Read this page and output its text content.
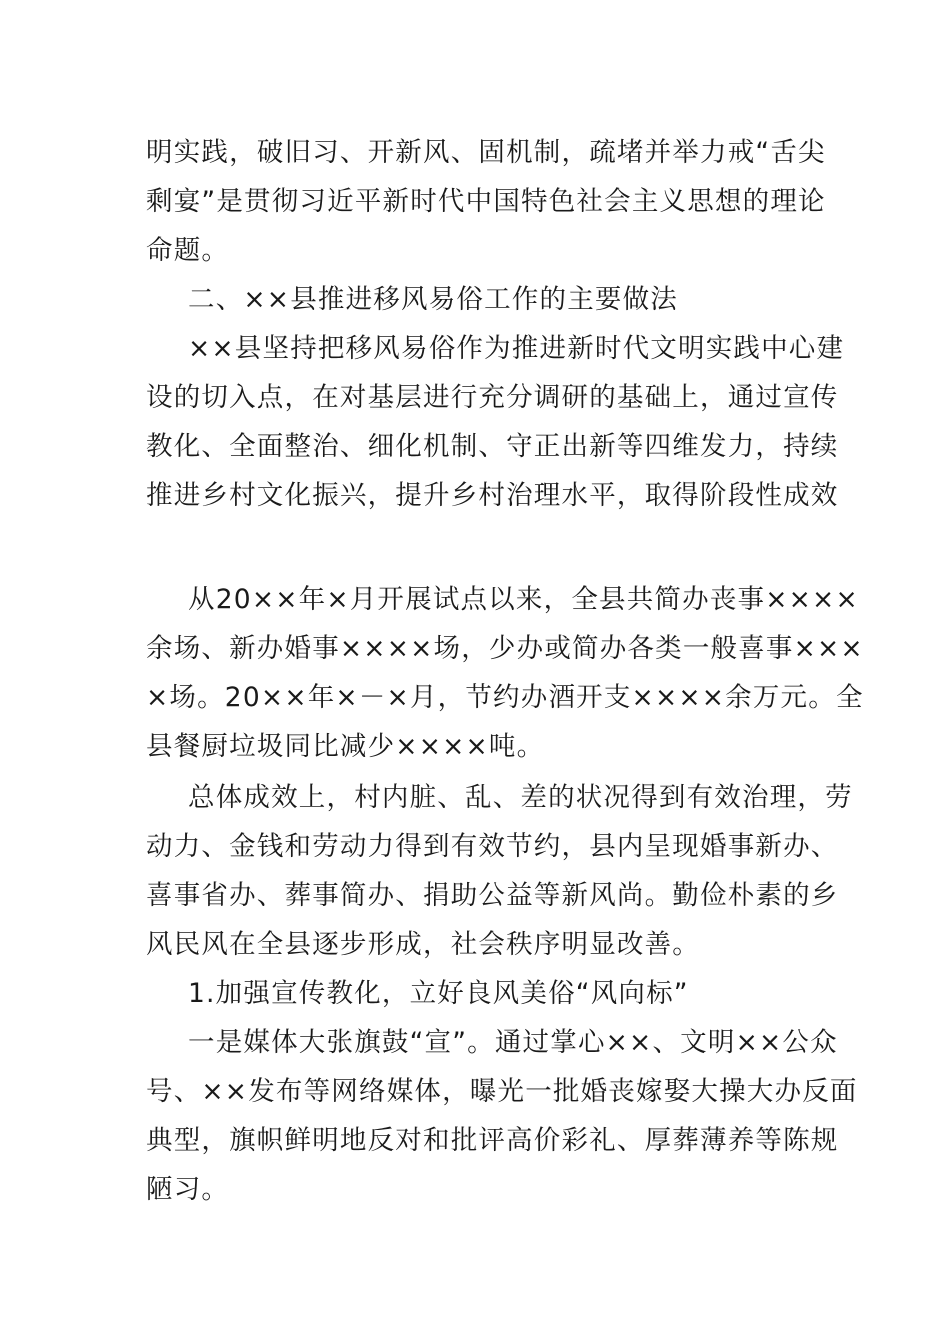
明实践，破旧习、开新风、固机制，疏堵并举力戒“舌尖
剩宴”是贯彻习近平新时代中国特色社会主义思想的理论
命题。
二、××县推进移风易俗工作的主要做法
××县坚持把移风易俗作为推进新时代文明实践中心建
设的切入点，在对基层进行充分调研的基础上，通过宣传
教化、全面整治、细化机制、守正出新等四维发力，持续
推进乡村文化振兴，提升乡村治理水平，取得阶段性成效
从20××年×月开展试点以来，全县共简办丧事××××
余场、新办婚事××××场，少办或简办各类一般喜事×××
×场。20××年×－×月，节约办酒开支××××余万元。全
县餐厨垃圾同比减少××××吨。
总体成效上，村内脏、乱、差的状况得到有效治理，劳
动力、金钱和劳动力得到有效节约，县内呈现婚事新办、
喜事省办、葬事简办、捐助公益等新风尚。勤俭朴素的乡
风民风在全县逐步形成，社会秩序明显改善。
1.加强宣传教化，立好良风美俗“风向标”
一是媒体大张旗鼓“宣”。通过掌心××、文明××公众
号、××发布等网络媒体，曝光一批婚丧嫁娶大操大办反面
典型，旗帜鲜明地反对和批评高价彩礼、厚葬薄养等陈规
陋习。
